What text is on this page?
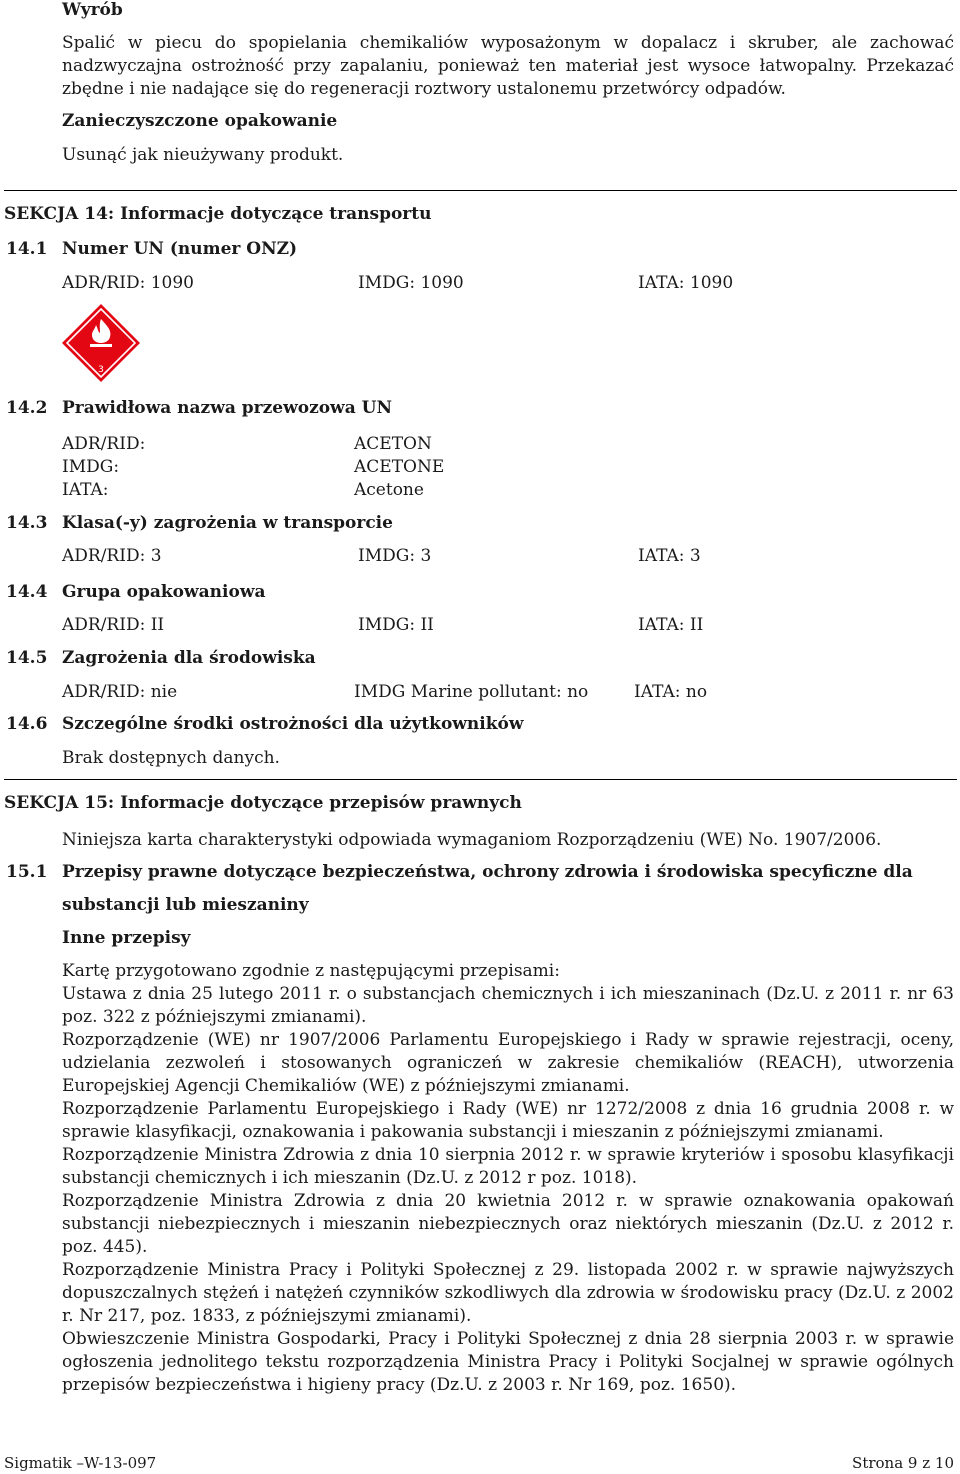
Wyrób
Spalić w piecu do spopielania chemikaliów wyposażonym w dopalacz i skruber, ale zachować nadzwyczajna ostrożność przy zapalaniu, ponieważ ten materiał jest wysoce łatwopalny. Przekazać zbędne i nie nadające się do regeneracji roztwory ustalonemu przetwórcy odpadów.
Zanieczyszczone opakowanie
Usunąć jak nieużywany produkt.
SEKCJA 14: Informacje dotyczące transportu
14.1 Numer UN (numer ONZ)
ADR/RID: 1090	IMDG: 1090	IATA: 1090
3
14.2 Prawidłowa nazwa przewozowa UN
ADR/RID:	ACETON
IMDG:	ACETONE
IATA:	Acetone
14.3 Klasa(-y) zagrożenia w transporcie
ADR/RID: 3	IMDG: 3	IATA: 3
14.4 Grupa opakowaniowa
ADR/RID: II	IMDG: II	IATA: II
14.5 Zagrożenia dla środowiska
ADR/RID: nie	IMDG Marine pollutant: no	IATA: no
14.6 Szczególne środki ostrożności dla użytkowników
Brak dostępnych danych.
SEKCJA 15: Informacje dotyczące przepisów prawnych
Niniejsza karta charakterystyki odpowiada wymaganiom Rozporządzeniu (WE) No. 1907/2006.
15.1 Przepisy prawne dotyczące bezpieczeństwa, ochrony zdrowia i środowiska specyficzne dla
substancji lub mieszaniny
Inne przepisy
Kartę przygotowano zgodnie z następującymi przepisami:
Ustawa z dnia 25 lutego 2011 r. o substancjach chemicznych i ich mieszaninach (Dz.U. z 2011 r. nr 63 poz. 322 z późniejszymi zmianami).
Rozporządzenie (WE) nr 1907/2006 Parlamentu Europejskiego i Rady w sprawie rejestracji, oceny, udzielania zezwoleń i stosowanych ograniczeń w zakresie chemikaliów (REACH), utworzenia Europejskiej Agencji Chemikaliów (WE) z późniejszymi zmianami.
Rozporządzenie Parlamentu Europejskiego i Rady (WE) nr 1272/2008 z dnia 16 grudnia 2008 r. w sprawie klasyfikacji, oznakowania i pakowania substancji i mieszanin z późniejszymi zmianami.
Rozporządzenie Ministra Zdrowia z dnia 10 sierpnia 2012 r. w sprawie kryteriów i sposobu klasyfikacji substancji chemicznych i ich mieszanin (Dz.U. z 2012 r poz. 1018).
Rozporządzenie Ministra Zdrowia z dnia 20 kwietnia 2012 r. w sprawie oznakowania opakowań substancji niebezpiecznych i mieszanin niebezpiecznych oraz niektórych mieszanin (Dz.U. z 2012 r. poz. 445).
Rozporządzenie Ministra Pracy i Polityki Społecznej z 29. listopada 2002 r. w sprawie najwyższych dopuszczalnych stężeń i natężeń czynników szkodliwych dla zdrowia w środowisku pracy (Dz.U. z 2002 r. Nr 217, poz. 1833, z późniejszymi zmianami).
Obwieszczenie Ministra Gospodarki, Pracy i Polityki Społecznej z dnia 28 sierpnia 2003 r. w sprawie ogłoszenia jednolitego tekstu rozporządzenia Ministra Pracy i Polityki Socjalnej w sprawie ogólnych przepisów bezpieczeństwa i higieny pracy (Dz.U. z 2003 r. Nr 169, poz. 1650).
Sigmatik –W-13-097	Strona 9 z 10
